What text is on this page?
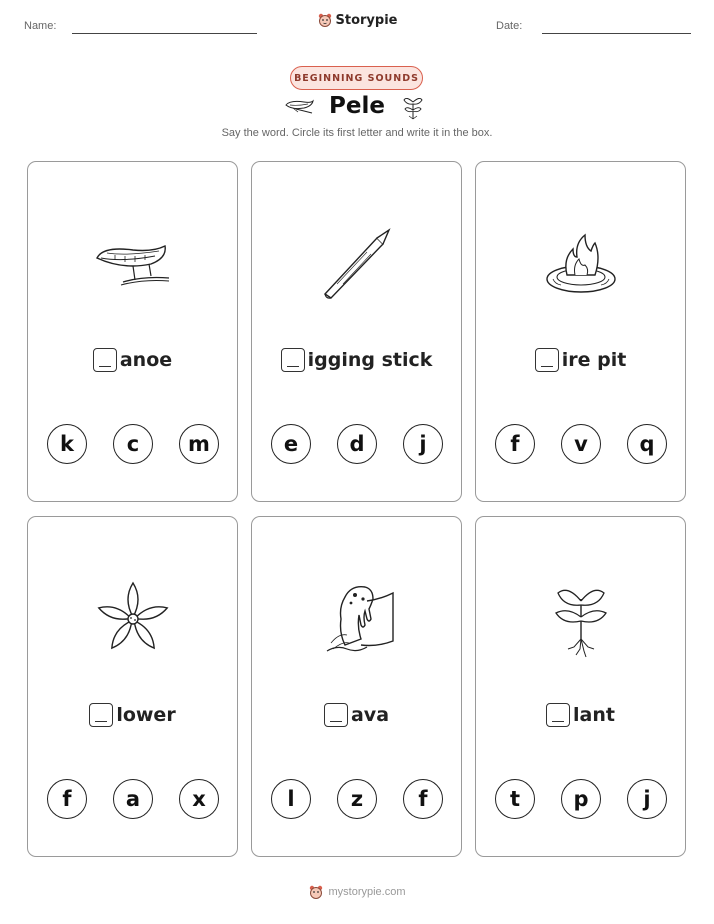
Name:	Storypie	Date:
BEGINNING SOUNDS
Pele
Say the word. Circle its first letter and write it in the box.
anoe
k	c	m
igging stick
e	d	j
ire pit
f	v	q
lower
f	a	x
ava
l	z	f
lant
t	p	j
mystorypie.com
